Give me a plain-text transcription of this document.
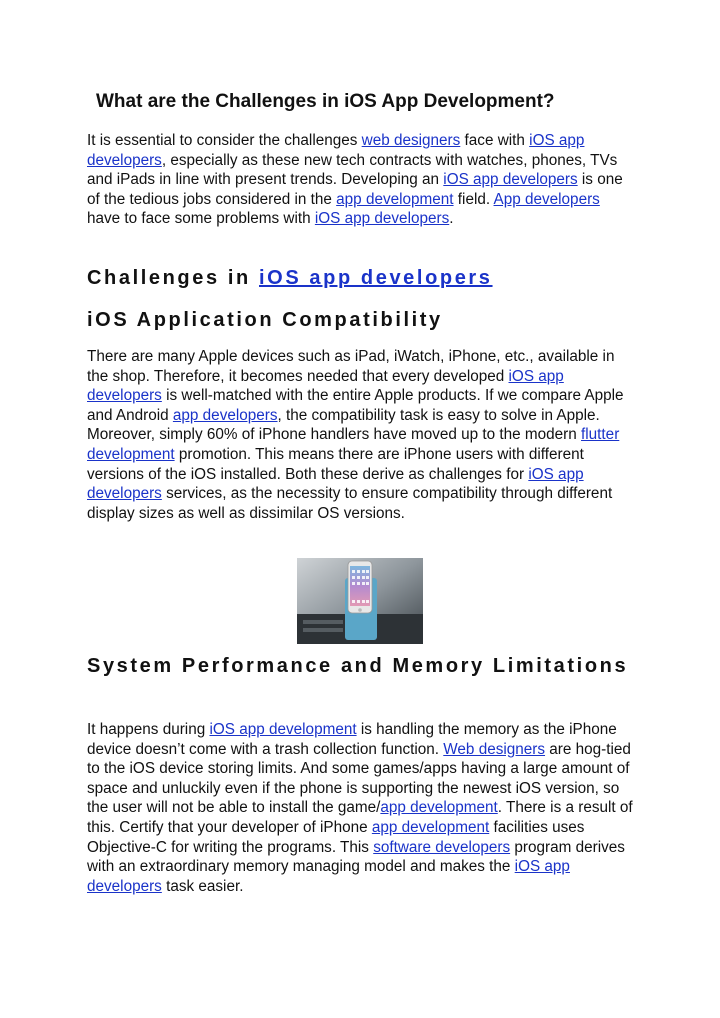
What are the Challenges in iOS App Development?

It is essential to consider the challenges web designers face with iOS app developers, especially as these new tech contracts with watches, phones, TVs and iPads in line with present trends. Developing an iOS app developers is one of the tedious jobs considered in the app development field. App developers have to face some problems with iOS app developers.

Challenges in iOS app developers
iOS Application Compatibility

There are many Apple devices such as iPad, iWatch, iPhone, etc., available in the shop. Therefore, it becomes needed that every developed iOS app developers is well-matched with the entire Apple products. If we compare Apple and Android app developers, the compatibility task is easy to solve in Apple. Moreover, simply 60% of iPhone handlers have moved up to the modern flutter development promotion. This means there are iPhone users with different versions of the iOS installed. Both these derive as challenges for iOS app developers services, as the necessity to ensure compatibility through different display sizes as well as dissimilar OS versions.

System Performance and Memory Limitations

It happens during iOS app development is handling the memory as the iPhone device doesn’t come with a trash collection function. Web designers are hog-tied to the iOS device storing limits. And some games/apps having a large amount of space and unluckily even if the phone is supporting the newest iOS version, so the user will not be able to install the game/app development. There is a result of this. Certify that your developer of iPhone app development facilities uses Objective-C for writing the programs. This software developers program derives with an extraordinary memory managing model and makes the iOS app developers task easier.
